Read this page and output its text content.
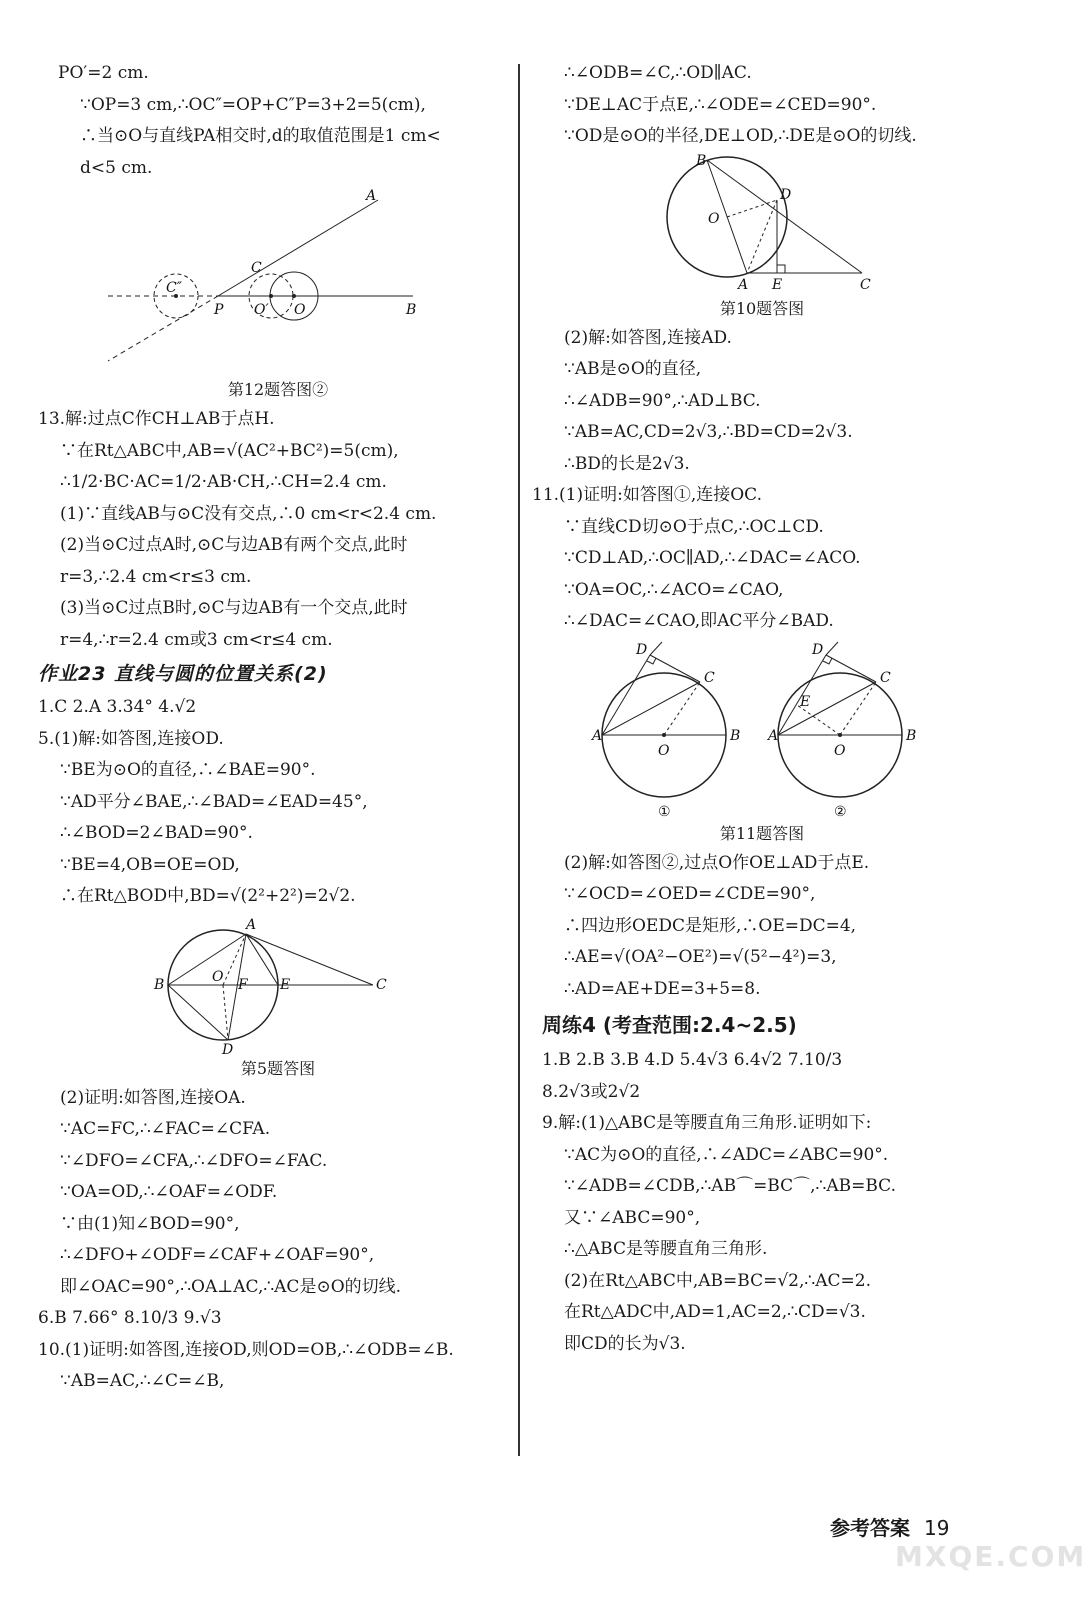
PO′=2 cm.
∵OP=3 cm,∴OC″=OP+C″P=3+2=5(cm),
∴当⊙O与直线PA相交时,d的取值范围是1 cm<
d<5 cm.
A
C
C″
P O′ O	B
第12题答图②
13.解:过点C作CH⊥AB于点H.
∵在Rt△ABC中,AB=√(AC²+BC²)=5(cm),
∴1/2·BC·AC=1/2·AB·CH,∴CH=2.4 cm.
(1)∵直线AB与⊙C没有交点,∴0 cm<r<2.4 cm.
(2)当⊙C过点A时,⊙C与边AB有两个交点,此时
r=3,∴2.4 cm<r≤3 cm.
(3)当⊙C过点B时,⊙C与边AB有一个交点,此时
r=4,∴r=2.4 cm或3 cm<r≤4 cm.
作业23 直线与圆的位置关系(2)
1.C 2.A 3.34° 4.√2
5.(1)解:如答图,连接OD.
∵BE为⊙O的直径,∴∠BAE=90°.
∵AD平分∠BAE,∴∠BAD=∠EAD=45°,
∴∠BOD=2∠BAD=90°.
∵BE=4,OB=OE=OD,
∴在Rt△BOD中,BD=√(2²+2²)=2√2.
A
B	O F E	C
D
第5题答图
(2)证明:如答图,连接OA.
∵AC=FC,∴∠FAC=∠CFA.
∵∠DFO=∠CFA,∴∠DFO=∠FAC.
∵OA=OD,∴∠OAF=∠ODF.
∵由(1)知∠BOD=90°,
∴∠DFO+∠ODF=∠CAF+∠OAF=90°,
即∠OAC=90°,∴OA⊥AC,∴AC是⊙O的切线.
6.B 7.66° 8.10/3 9.√3
10.(1)证明:如答图,连接OD,则OD=OB,∴∠ODB=∠B.
∵AB=AC,∴∠C=∠B,
∴∠ODB=∠C,∴OD∥AC.
∵DE⊥AC于点E,∴∠ODE=∠CED=90°.
∵OD是⊙O的半径,DE⊥OD,∴DE是⊙O的切线.
B
O
D
A E	C
第10题答图
(2)解:如答图,连接AD.
∵AB是⊙O的直径,
∴∠ADB=90°,∴AD⊥BC.
∵AB=AC,CD=2√3,∴BD=CD=2√3.
∴BD的长是2√3.
11.(1)证明:如答图①,连接OC.
∵直线CD切⊙O于点C,∴OC⊥CD.
∵CD⊥AD,∴OC∥AD,∴∠DAC=∠ACO.
∵OA=OC,∴∠ACO=∠CAO,
∴∠DAC=∠CAO,即AC平分∠BAD.
D
C
A
O
B
①
D
C
E
A
O
B
②
第11题答图
(2)解:如答图②,过点O作OE⊥AD于点E.
∵∠OCD=∠OED=∠CDE=90°,
∴四边形OEDC是矩形,∴OE=DC=4,
∴AE=√(OA²−OE²)=√(5²−4²)=3,
∴AD=AE+DE=3+5=8.
周练4 (考查范围:2.4~2.5)
1.B 2.B 3.B 4.D 5.4√3 6.4√2 7.10/3
8.2√3或2√2
9.解:(1)△ABC是等腰直角三角形.证明如下:
∵AC为⊙O的直径,∴∠ADC=∠ABC=90°.
∵∠ADB=∠CDB,∴AB⌒=BC⌒,∴AB=BC.
又∵∠ABC=90°,
∴△ABC是等腰直角三角形.
(2)在Rt△ABC中,AB=BC=√2,∴AC=2.
在Rt△ADC中,AD=1,AC=2,∴CD=√3.
即CD的长为√3.
参考答案 19
MXQE.COM
